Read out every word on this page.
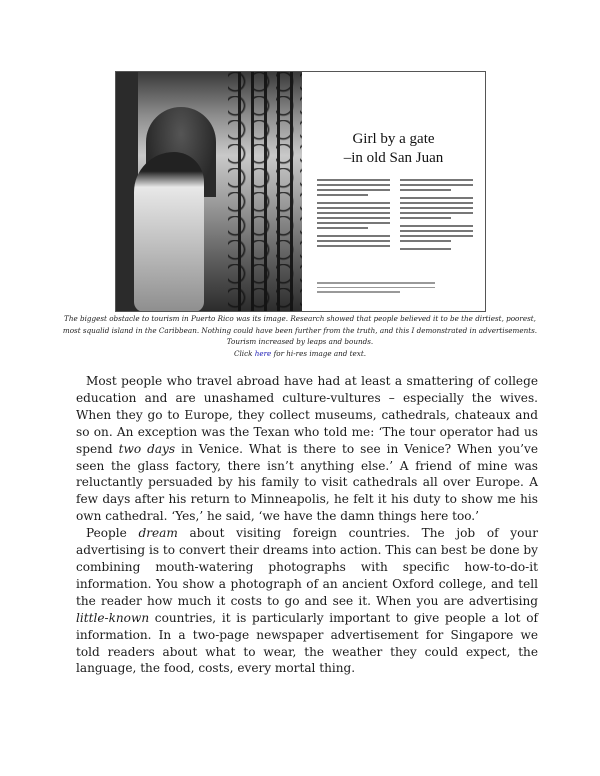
Girl by a gate
–in old San Juan
The biggest obstacle to tourism in Puerto Rico was its image. Research showed that people believed it to be the dirtiest, poorest, most squalid island in the Caribbean. Nothing could have been further from the truth, and this I demonstrated in advertisements. Tourism increased by leaps and bounds.
Click here for hi-res image and text.

Most people who travel abroad have had at least a smattering of college education and are unashamed culture-vultures – especially the wives. When they go to Europe, they collect museums, cathedrals, chateaux and so on. An exception was the Texan who told me: ‘The tour operator had us spend two days in Venice. What is there to see in Venice? When you’ve seen the glass factory, there isn’t anything else.’ A friend of mine was reluctantly persuaded by his family to visit cathedrals all over Europe. A few days after his return to Minneapolis, he felt it his duty to show me his own cathedral. ‘Yes,’ he said, ‘we have the damn things here too.’

People dream about visiting foreign countries. The job of your advertising is to convert their dreams into action. This can best be done by combining mouth-watering photographs with specific how-to-do-it information. You show a photograph of an ancient Oxford college, and tell the reader how much it costs to go and see it. When you are advertising little-known countries, it is particularly important to give people a lot of information. In a two-page newspaper advertisement for Singapore we told readers about what to wear, the weather they could expect, the language, the food, costs, every mortal thing.
